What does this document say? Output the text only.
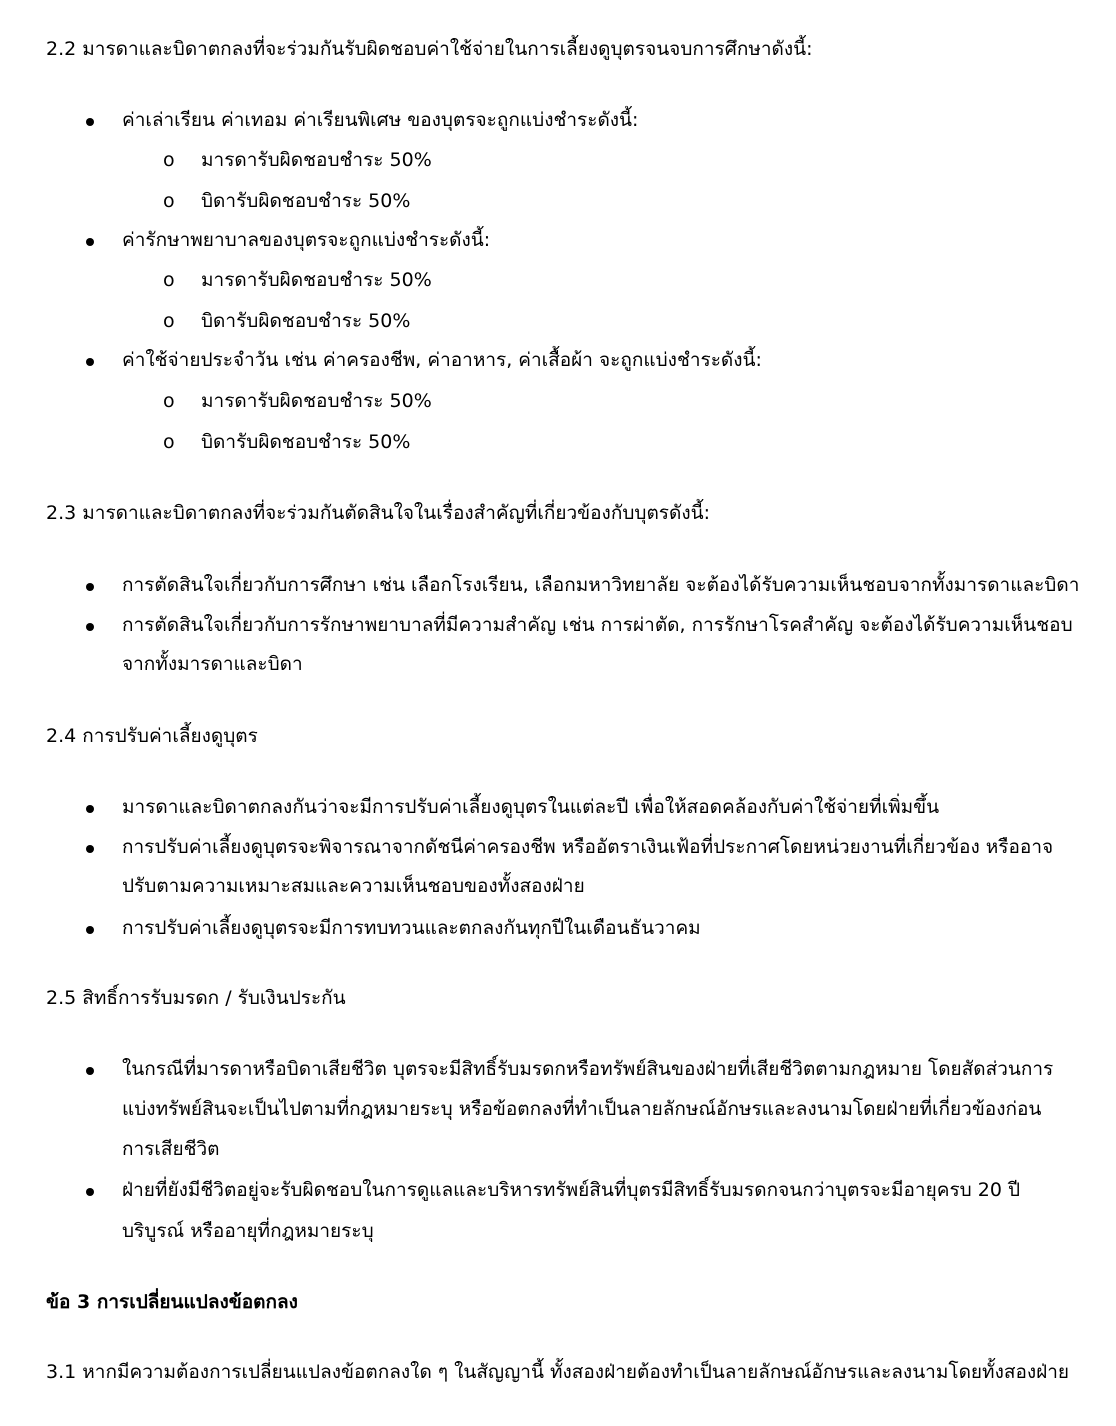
2.2 มารดาและบิดาตกลงที่จะร่วมกันรับผิดชอบค่าใช้จ่ายในการเลี้ยงดูบุตรจนจบการศึกษาดังนี้:
ค่าเล่าเรียน ค่าเทอม ค่าเรียนพิเศษ ของบุตรจะถูกแบ่งชำระดังนี้:
o มารดารับผิดชอบชำระ 50%
o บิดารับผิดชอบชำระ 50%
ค่ารักษาพยาบาลของบุตรจะถูกแบ่งชำระดังนี้:
o มารดารับผิดชอบชำระ 50%
o บิดารับผิดชอบชำระ 50%
ค่าใช้จ่ายประจำวัน เช่น ค่าครองชีพ, ค่าอาหาร, ค่าเสื้อผ้า จะถูกแบ่งชำระดังนี้:
o มารดารับผิดชอบชำระ 50%
o บิดารับผิดชอบชำระ 50%
2.3 มารดาและบิดาตกลงที่จะร่วมกันตัดสินใจในเรื่องสำคัญที่เกี่ยวข้องกับบุตรดังนี้:
การตัดสินใจเกี่ยวกับการศึกษา เช่น เลือกโรงเรียน, เลือกมหาวิทยาลัย จะต้องได้รับความเห็นชอบจากทั้งมารดาและบิดา
การตัดสินใจเกี่ยวกับการรักษาพยาบาลที่มีความสำคัญ เช่น การผ่าตัด, การรักษาโรคสำคัญ จะต้องได้รับความเห็นชอบ
จากทั้งมารดาและบิดา
2.4 การปรับค่าเลี้ยงดูบุตร
มารดาและบิดาตกลงกันว่าจะมีการปรับค่าเลี้ยงดูบุตรในแต่ละปี เพื่อให้สอดคล้องกับค่าใช้จ่ายที่เพิ่มขึ้น
การปรับค่าเลี้ยงดูบุตรจะพิจารณาจากดัชนีค่าครองชีพ หรืออัตราเงินเฟ้อที่ประกาศโดยหน่วยงานที่เกี่ยวข้อง หรืออาจ
ปรับตามความเหมาะสมและความเห็นชอบของทั้งสองฝ่าย
การปรับค่าเลี้ยงดูบุตรจะมีการทบทวนและตกลงกันทุกปีในเดือนธันวาคม
2.5 สิทธิ์การรับมรดก / รับเงินประกัน
ในกรณีที่มารดาหรือบิดาเสียชีวิต บุตรจะมีสิทธิ์รับมรดกหรือทรัพย์สินของฝ่ายที่เสียชีวิตตามกฎหมาย โดยสัดส่วนการ
แบ่งทรัพย์สินจะเป็นไปตามที่กฎหมายระบุ หรือข้อตกลงที่ทำเป็นลายลักษณ์อักษรและลงนามโดยฝ่ายที่เกี่ยวข้องก่อน
การเสียชีวิต
ฝ่ายที่ยังมีชีวิตอยู่จะรับผิดชอบในการดูแลและบริหารทรัพย์สินที่บุตรมีสิทธิ์รับมรดกจนกว่าบุตรจะมีอายุครบ 20 ปี
บริบูรณ์ หรืออายุที่กฎหมายระบุ
ข้อ 3 การเปลี่ยนแปลงข้อตกลง
3.1 หากมีความต้องการเปลี่ยนแปลงข้อตกลงใด ๆ ในสัญญานี้ ทั้งสองฝ่ายต้องทำเป็นลายลักษณ์อักษรและลงนามโดยทั้งสองฝ่าย
